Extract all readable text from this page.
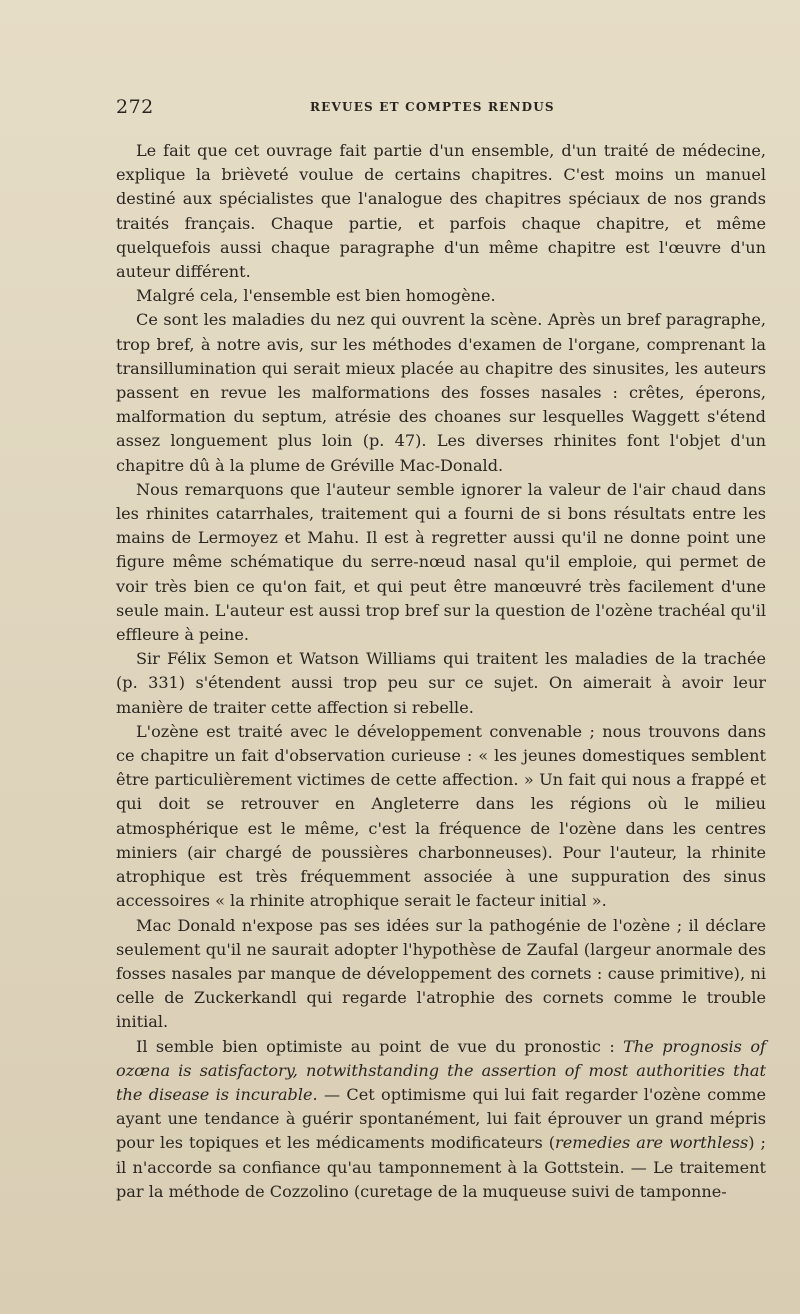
272	REVUES ET COMPTES RENDUS

Le fait que cet ouvrage fait partie d'un ensemble, d'un traité de médecine, explique la brièveté voulue de certains chapitres. C'est moins un manuel destiné aux spécialistes que l'analogue des chapitres spéciaux de nos grands traités français. Chaque partie, et parfois chaque chapitre, et même quelquefois aussi chaque paragraphe d'un même chapitre est l'œuvre d'un auteur différent.

Malgré cela, l'ensemble est bien homogène.

Ce sont les maladies du nez qui ouvrent la scène. Après un bref paragraphe, trop bref, à notre avis, sur les méthodes d'examen de l'organe, comprenant la transillumination qui serait mieux placée au chapitre des sinusites, les auteurs passent en revue les malformations des fosses nasales : crêtes, éperons, malformation du septum, atrésie des choanes sur lesquelles Waggett s'étend assez longuement plus loin (p. 47). Les diverses rhinites font l'objet d'un chapitre dû à la plume de Gréville Mac-Donald.

Nous remarquons que l'auteur semble ignorer la valeur de l'air chaud dans les rhinites catarrhales, traitement qui a fourni de si bons résultats entre les mains de Lermoyez et Mahu. Il est à regretter aussi qu'il ne donne point une figure même schématique du serre-nœud nasal qu'il emploie, qui permet de voir très bien ce qu'on fait, et qui peut être manœuvré très facilement d'une seule main. L'auteur est aussi trop bref sur la question de l'ozène trachéal qu'il effleure à peine.

Sir Félix Semon et Watson Williams qui traitent les maladies de la trachée (p. 331) s'étendent aussi trop peu sur ce sujet. On aimerait à avoir leur manière de traiter cette affection si rebelle.

L'ozène est traité avec le développement convenable ; nous trouvons dans ce chapitre un fait d'observation curieuse : « les jeunes domestiques semblent être particulièrement victimes de cette affection. » Un fait qui nous a frappé et qui doit se retrouver en Angleterre dans les régions où le milieu atmosphérique est le même, c'est la fréquence de l'ozène dans les centres miniers (air chargé de poussières charbonneuses). Pour l'auteur, la rhinite atrophique est très fréquemment associée à une suppuration des sinus accessoires « la rhinite atrophique serait le facteur initial ».

Mac Donald n'expose pas ses idées sur la pathogénie de l'ozène ; il déclare seulement qu'il ne saurait adopter l'hypothèse de Zaufal (largeur anormale des fosses nasales par manque de développement des cornets : cause primitive), ni celle de Zuckerkandl qui regarde l'atrophie des cornets comme le trouble initial.

Il semble bien optimiste au point de vue du pronostic : The prognosis of ozœna is satisfactory, notwithstanding the assertion of most authorities that the disease is incurable. — Cet optimisme qui lui fait regarder l'ozène comme ayant une tendance à guérir spontanément, lui fait éprouver un grand mépris pour les topiques et les médicaments modificateurs (remedies are worthless) ; il n'accorde sa confiance qu'au tamponnement à la Gottstein. — Le traitement par la méthode de Cozzolino (curetage de la muqueuse suivi de tamponne-
